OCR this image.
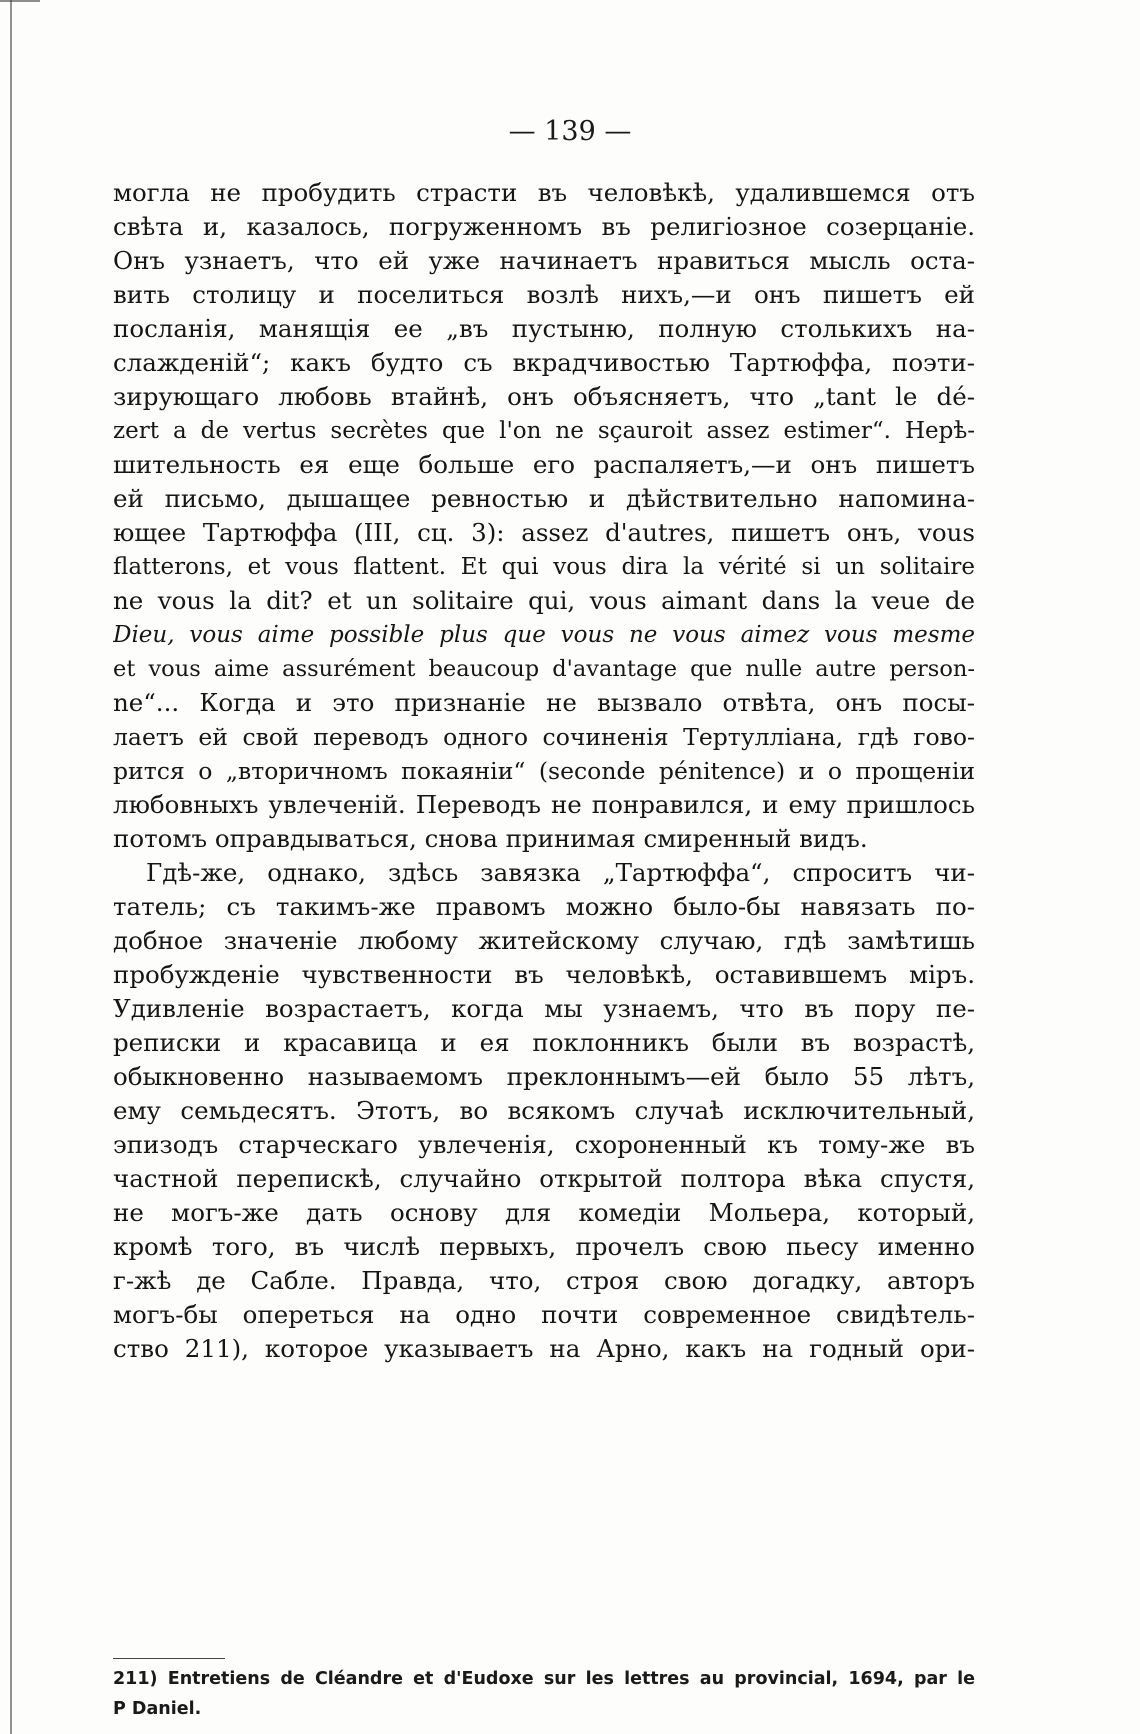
— 139 —
могла не пробудить страсти въ человѣкѣ, удалившемся отъ
свѣта и, казалось, погруженномъ въ религіозное созерцаніе.
Онъ узнаетъ, что ей уже начинаетъ нравиться мысль оста-
вить столицу и поселиться возлѣ нихъ,—и онъ пишетъ ей
посланія, манящія ее „въ пустыню, полную столькихъ на-
слажденій“; какъ будто съ вкрадчивостью Тартюффа, поэти-
зирующаго любовь втайнѣ, онъ объясняетъ, что „tant le dé-
zert a de vertus secrètes que l'on ne sçauroit assez estimer“. Нерѣ-
шительность ея еще больше его распаляетъ,—и онъ пишетъ
ей письмо, дышащее ревностью и дѣйствительно напомина-
ющее Тартюффа (III, сц. 3): assez d'autres, пишетъ онъ, vous
flatterons, et vous flattent. Et qui vous dira la vérité si un solitaire
ne vous la dit? et un solitaire qui, vous aimant dans la veue de
Dieu, vous aime possible plus que vous ne vous aimez vous mesme
et vous aime assurément beaucoup d'avantage que nulle autre person-
ne“... Когда и это признаніе не вызвало отвѣта, онъ посы-
лаетъ ей свой переводъ одного сочиненія Тертулліана, гдѣ гово-
рится о „вторичномъ покаяніи“ (seconde pénitence) и о прощеніи
любовныхъ увлеченій. Переводъ не понравился, и ему пришлось
потомъ оправдываться, снова принимая смиренный видъ.
Гдѣ-же, однако, здѣсь завязка „Тартюффа“, спроситъ чи-
татель; съ такимъ-же правомъ можно было-бы навязать по-
добное значеніе любому житейскому случаю, гдѣ замѣтишь
пробужденіе чувственности въ человѣкѣ, оставившемъ міръ.
Удивленіе возрастаетъ, когда мы узнаемъ, что въ пору пе-
реписки и красавица и ея поклонникъ были въ возрастѣ,
обыкновенно называемомъ преклоннымъ—ей было 55 лѣтъ,
ему семьдесятъ. Этотъ, во всякомъ случаѣ исключительный,
эпизодъ старческаго увлеченія, схороненный къ тому-же въ
частной перепискѣ, случайно открытой полтора вѣка спустя,
не могъ-же дать основу для комедіи Мольера, который,
кромѣ того, въ числѣ первыхъ, прочелъ свою пьесу именно
г-жѣ де Сабле. Правда, что, строя свою догадку, авторъ
могъ-бы опереться на одно почти современное свидѣтель-
ство 211), которое указываетъ на Арно, какъ на годный ори-
211) Entretiens de Cléandre et d'Eudoxe sur les lettres au provincial, 1694, par le
P Daniel.
